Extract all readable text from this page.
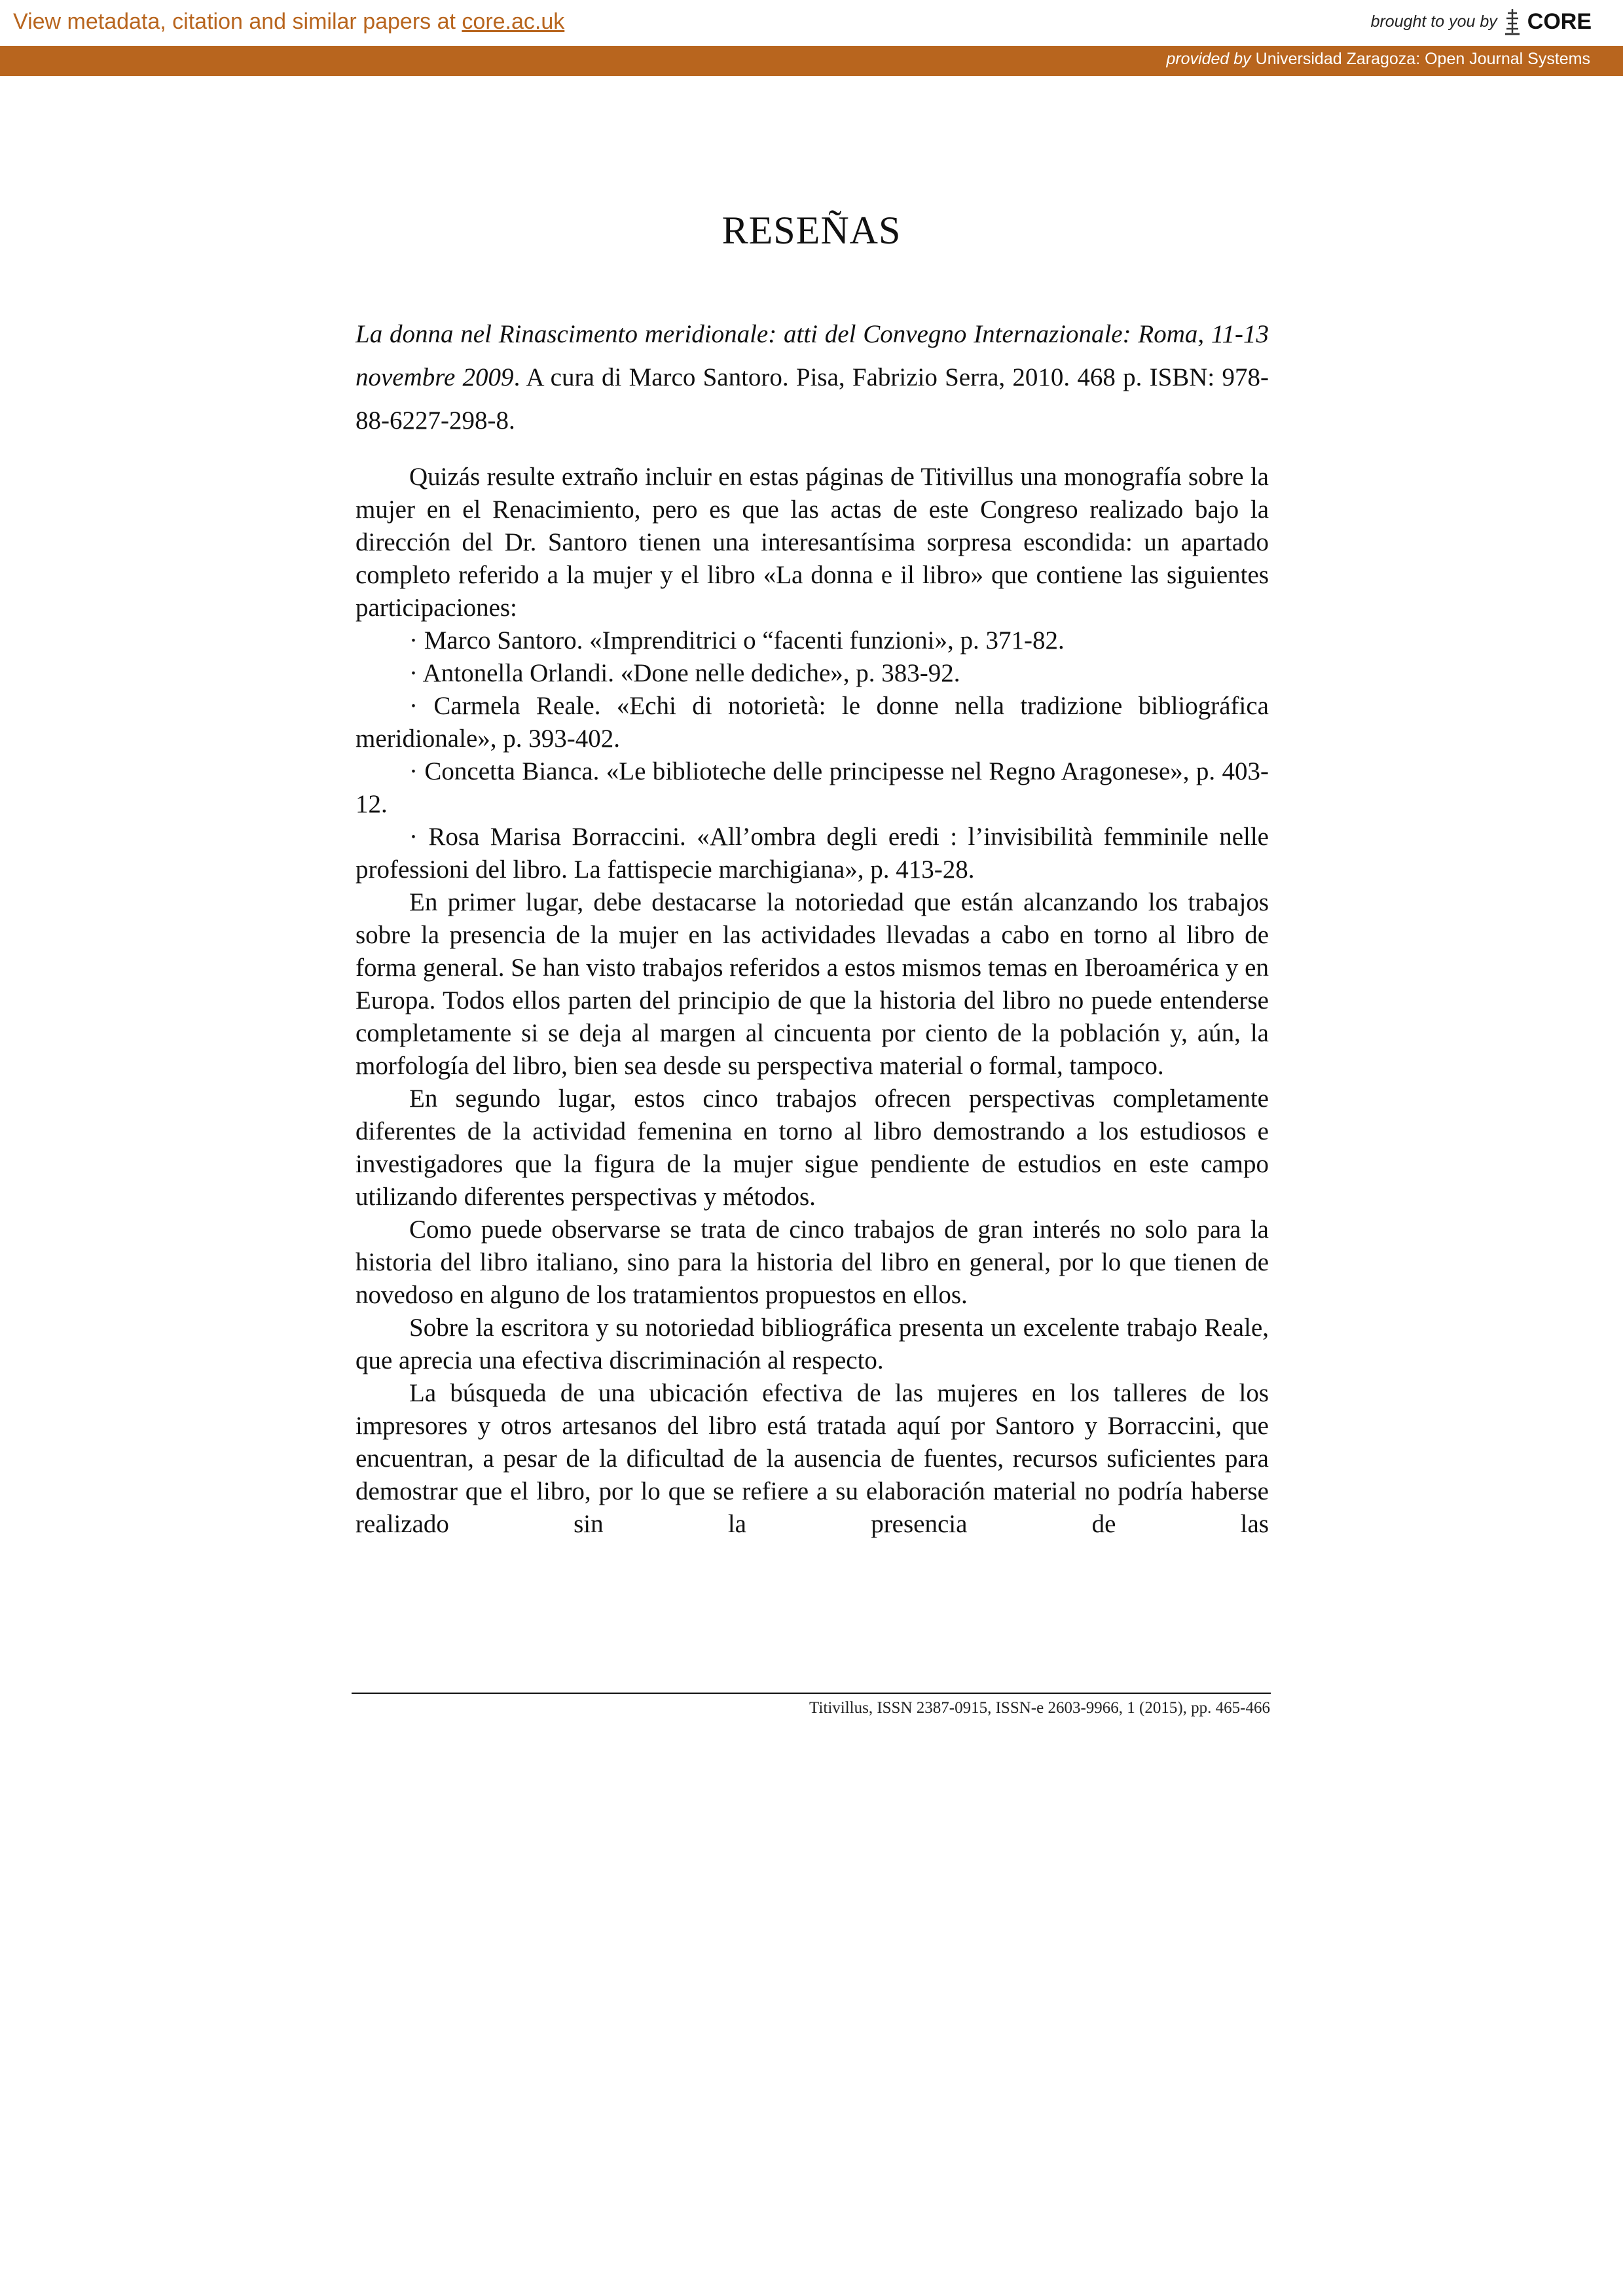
View metadata, citation and similar papers at core.ac.uk	brought to you by CORE
provided by Universidad Zaragoza: Open Journal Systems
RESEÑAS

La donna nel Rinascimento meridionale: atti del Convegno Internazionale: Roma, 11-13 novembre 2009. A cura di Marco Santoro. Pisa, Fabrizio Serra, 2010. 468 p. ISBN: 978-88-6227-298-8.

Quizás resulte extraño incluir en estas páginas de Titivillus una monografía sobre la mujer en el Renacimiento, pero es que las actas de este Congreso realizado bajo la dirección del Dr. Santoro tienen una interesantísima sorpresa escondida: un apartado completo referido a la mujer y el libro «La donna e il libro» que contiene las siguientes participaciones:

· Marco Santoro. «Imprenditrici o “facenti funzioni», p. 371-82.

· Antonella Orlandi. «Done nelle dediche», p. 383-92.

· Carmela Reale. «Echi di notorietà: le donne nella tradizione bibliográfica meridionale», p. 393-402.

· Concetta Bianca. «Le biblioteche delle principesse nel Regno Aragonese», p. 403-12.

· Rosa Marisa Borraccini. «All’ombra degli eredi : l’invisibilità femminile nelle professioni del libro. La fattispecie marchigiana», p. 413-28.

En primer lugar, debe destacarse la notoriedad que están alcanzando los trabajos sobre la presencia de la mujer en las actividades llevadas a cabo en torno al libro de forma general. Se han visto trabajos referidos a estos mismos temas en Iberoamérica y en Europa. Todos ellos parten del principio de que la historia del libro no puede entenderse completamente si se deja al margen al cincuenta por ciento de la población y, aún, la morfología del libro, bien sea desde su perspectiva material o formal, tampoco.

En segundo lugar, estos cinco trabajos ofrecen perspectivas completamente diferentes de la actividad femenina en torno al libro demostrando a los estudiosos e investigadores que la figura de la mujer sigue pendiente de estudios en este campo utilizando diferentes perspectivas y métodos.

Como puede observarse se trata de cinco trabajos de gran interés no solo para la historia del libro italiano, sino para la historia del libro en general, por lo que tienen de novedoso en alguno de los tratamientos propuestos en ellos.

Sobre la escritora y su notoriedad bibliográfica presenta un excelente trabajo Reale, que aprecia una efectiva discriminación al respecto.

La búsqueda de una ubicación efectiva de las mujeres en los talleres de los impresores y otros artesanos del libro está tratada aquí por Santoro y Borraccini, que encuentran, a pesar de la dificultad de la ausencia de fuentes, recursos suficientes para demostrar que el libro, por lo que se refiere a su elaboración material no podría haberse realizado sin la presencia de las

Titivillus, ISSN 2387-0915, ISSN-e 2603-9966, 1 (2015), pp. 465-466
